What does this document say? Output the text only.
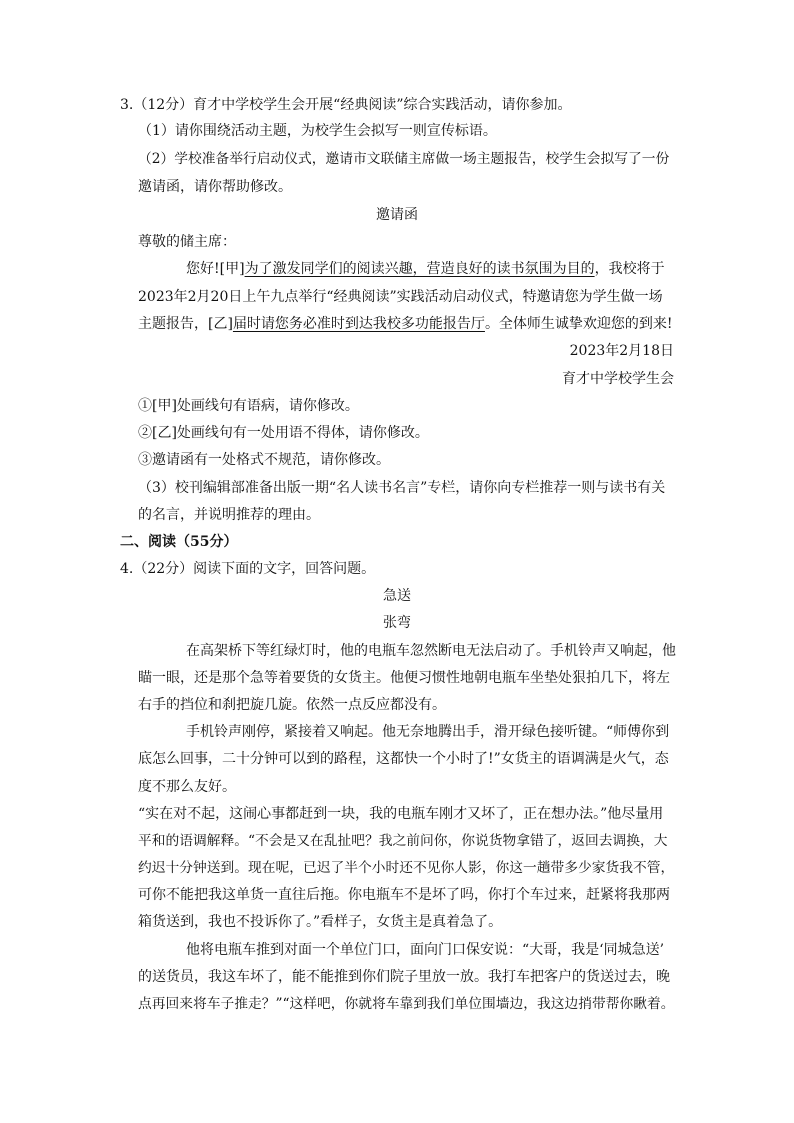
3.（12分）育才中学校学生会开展“经典阅读”综合实践活动，请你参加。
（1）请你围绕活动主题，为校学生会拟写一则宣传标语。
（2）学校准备举行启动仪式，邀请市文联储主席做一场主题报告，校学生会拟写了一份
邀请函，请你帮助修改。
邀请函
尊敬的储主席：
您好![甲]为了激发同学们的阅读兴趣，营造良好的读书氛围为目的，我校将于
2023年2月20日上午九点举行“经典阅读”实践活动启动仪式，特邀请您为学生做一场
主题报告，[乙]届时请您务必准时到达我校多功能报告厅。全体师生诚挚欢迎您的到来!
2023年2月18日
育才中学校学生会
①[甲]处画线句有语病，请你修改。
②[乙]处画线句有一处用语不得体，请你修改。
③邀请函有一处格式不规范，请你修改。
（3）校刊编辑部准备出版一期“名人读书名言”专栏，请你向专栏推荐一则与读书有关
的名言，并说明推荐的理由。
二、阅读（55分）
4.（22分）阅读下面的文字，回答问题。
急送
张弯
在高架桥下等红绿灯时，他的电瓶车忽然断电无法启动了。手机铃声又响起，他
瞄一眼，还是那个急等着要货的女货主。他便习惯性地朝电瓶车坐垫处狠拍几下，将左
右手的挡位和刹把旋几旋。依然一点反应都没有。
手机铃声刚停，紧接着又响起。他无奈地腾出手，滑开绿色接听键。“师傅你到
底怎么回事，二十分钟可以到的路程，这都快一个小时了!”女货主的语调满是火气，态
度不那么友好。
“实在对不起，这闹心事都赶到一块，我的电瓶车刚才又坏了，正在想办法。”他尽量用
平和的语调解释。“不会是又在乱扯吧？我之前问你，你说货物拿错了，返回去调换，大
约迟十分钟送到。现在呢，已迟了半个小时还不见你人影，你这一趟带多少家货我不管，
可你不能把我这单货一直往后拖。你电瓶车不是坏了吗，你打个车过来，赶紧将我那两
箱货送到，我也不投诉你了。”看样子，女货主是真着急了。
他将电瓶车推到对面一个单位门口，面向门口保安说：“大哥，我是‘同城急送’
的送货员，我这车坏了，能不能推到你们院子里放一放。我打车把客户的货送过去，晚
点再回来将车子推走？”“这样吧，你就将车靠到我们单位围墙边，我这边捎带帮你瞅着。
